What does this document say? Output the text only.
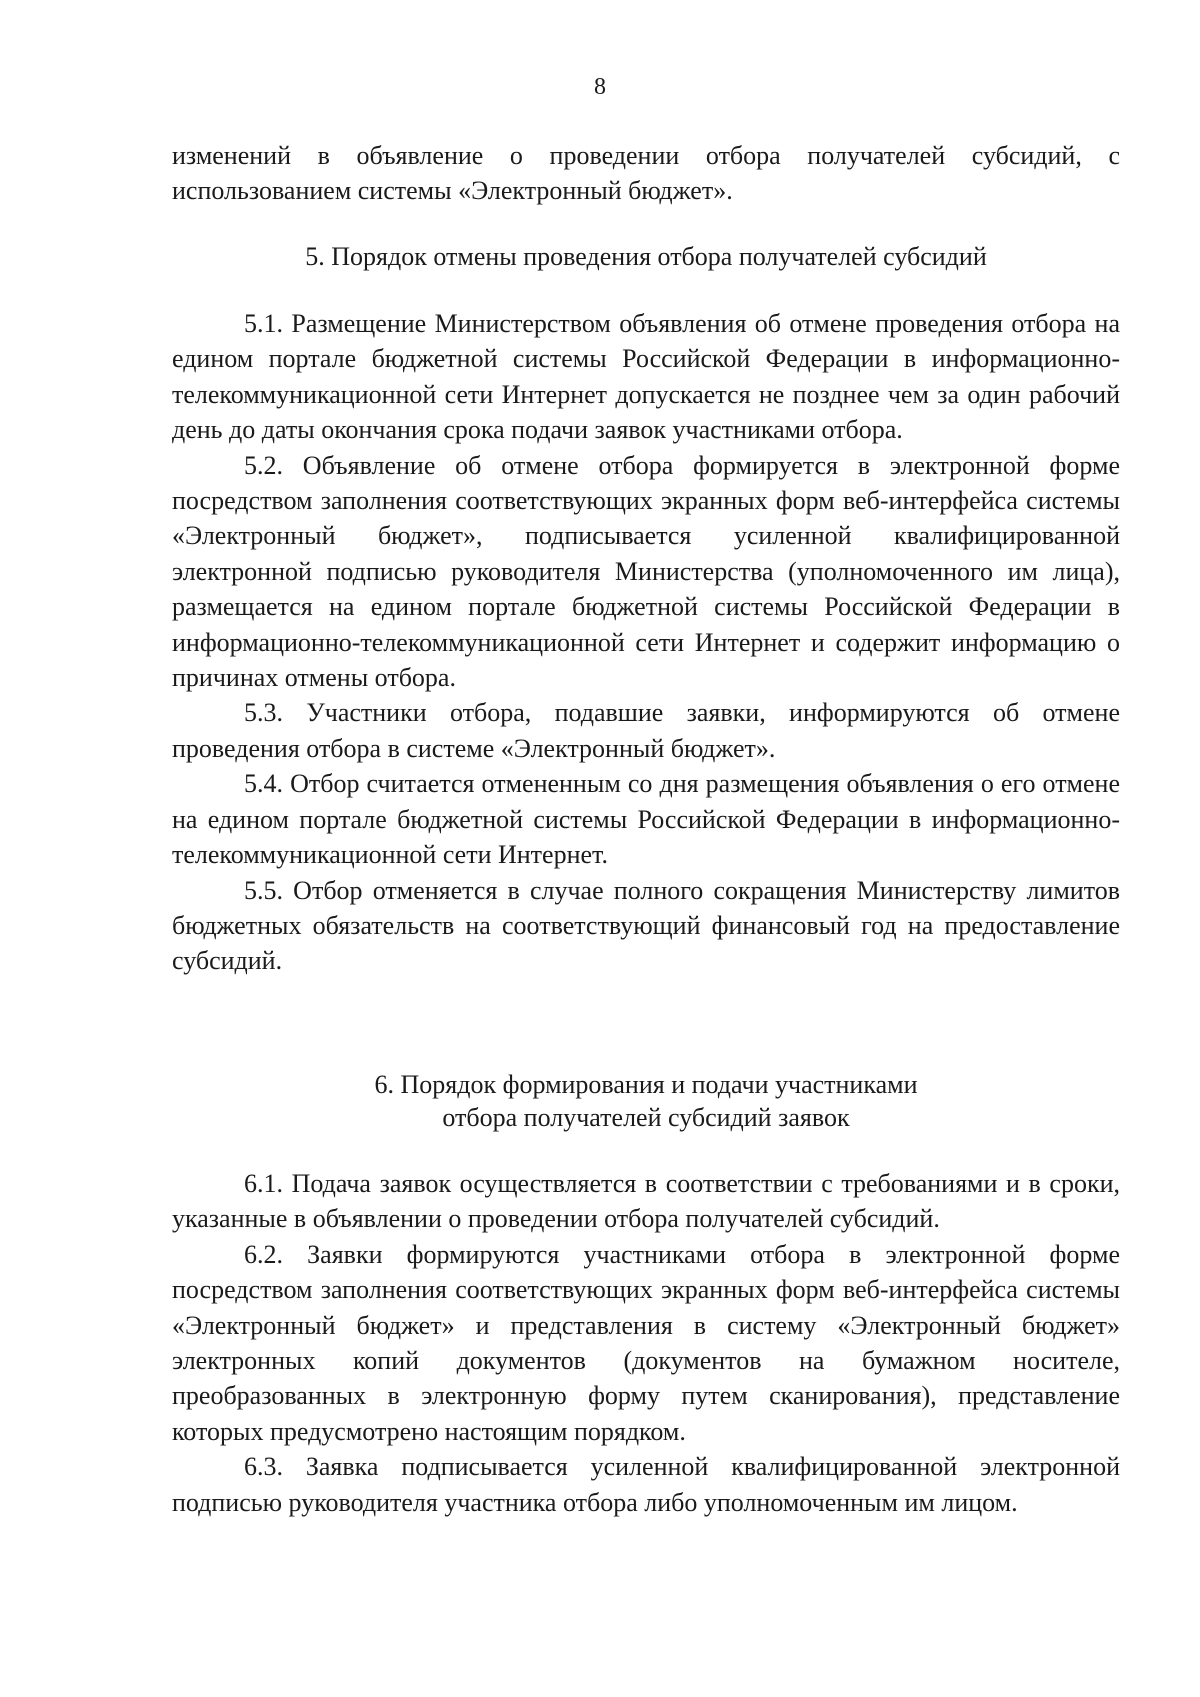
8

изменений в объявление о проведении отбора получателей субсидий, с использованием системы «Электронный бюджет».

5. Порядок отмены проведения отбора получателей субсидий

5.1. Размещение Министерством объявления об отмене проведения отбора на едином портале бюджетной системы Российской Федерации в информационно-телекоммуникационной сети Интернет допускается не позднее чем за один рабочий день до даты окончания срока подачи заявок участниками отбора.

5.2. Объявление об отмене отбора формируется в электронной форме посредством заполнения соответствующих экранных форм веб-интерфейса системы «Электронный бюджет», подписывается усиленной квалифицированной электронной подписью руководителя Министерства (уполномоченного им лица), размещается на едином портале бюджетной системы Российской Федерации в информационно-телекоммуникационной сети Интернет и содержит информацию о причинах отмены отбора.

5.3. Участники отбора, подавшие заявки, информируются об отмене проведения отбора в системе «Электронный бюджет».

5.4. Отбор считается отмененным со дня размещения объявления о его отмене на едином портале бюджетной системы Российской Федерации в информационно-телекоммуникационной сети Интернет.

5.5. Отбор отменяется в случае полного сокращения Министерству лимитов бюджетных обязательств на соответствующий финансовый год на предоставление субсидий.

6. Порядок формирования и подачи участниками

отбора получателей субсидий заявок

6.1. Подача заявок осуществляется в соответствии с требованиями и в сроки, указанные в объявлении о проведении отбора получателей субсидий.

6.2. Заявки формируются участниками отбора в электронной форме посредством заполнения соответствующих экранных форм веб-интерфейса системы «Электронный бюджет» и представления в систему «Электронный бюджет» электронных копий документов (документов на бумажном носителе, преобразованных в электронную форму путем сканирования), представление которых предусмотрено настоящим порядком.

6.3. Заявка подписывается усиленной квалифицированной электронной подписью руководителя участника отбора либо уполномоченным им лицом.
